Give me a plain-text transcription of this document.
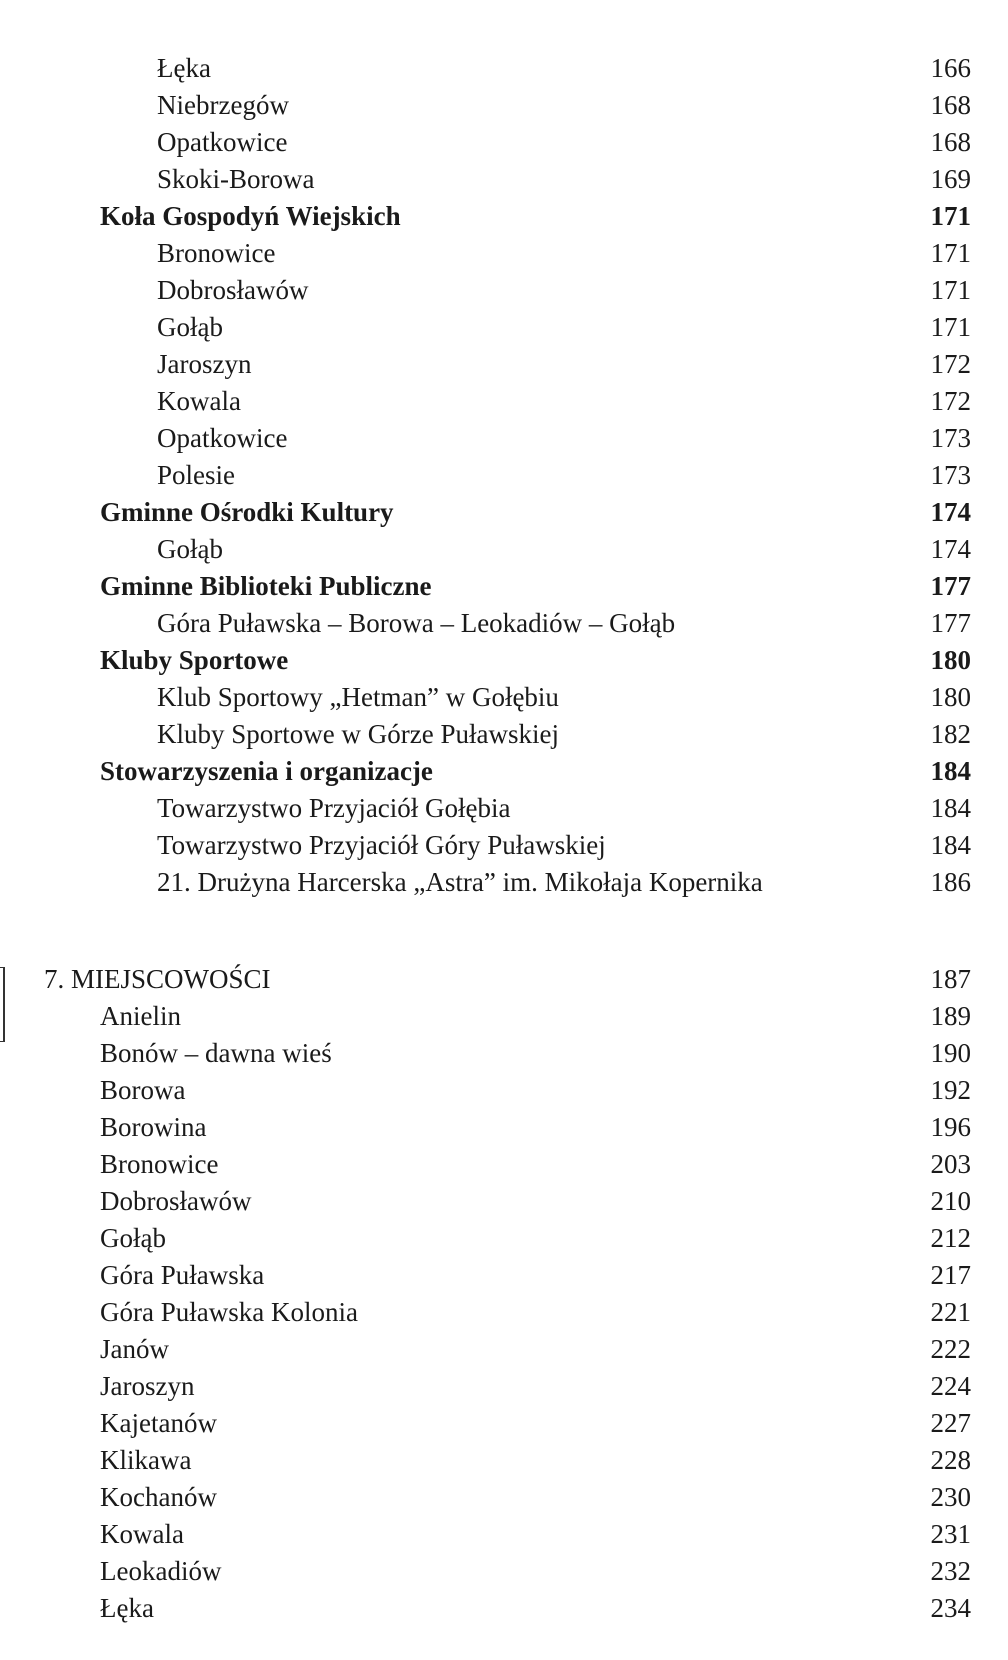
Łęka	166
Niebrzegów	168
Opatkowice	168
Skoki-Borowa	169
Koła Gospodyń Wiejskich	171
Bronowice	171
Dobrosławów	171
Gołąb	171
Jaroszyn	172
Kowala	172
Opatkowice	173
Polesie	173
Gminne Ośrodki Kultury	174
Gołąb	174
Gminne Biblioteki Publiczne	177
Góra Puławska – Borowa – Leokadiów – Gołąb	177
Kluby Sportowe	180
Klub Sportowy „Hetman” w Gołębiu	180
Kluby Sportowe w Górze Puławskiej	182
Stowarzyszenia i organizacje	184
Towarzystwo Przyjaciół Gołębia	184
Towarzystwo Przyjaciół Góry Puławskiej	184
21. Drużyna Harcerska „Astra” im. Mikołaja Kopernika	186
7. MIEJSCOWOŚCI	187
Anielin	189
Bonów – dawna wieś	190
Borowa	192
Borowina	196
Bronowice	203
Dobrosławów	210
Gołąb	212
Góra Puławska	217
Góra Puławska Kolonia	221
Janów	222
Jaroszyn	224
Kajetanów	227
Klikawa	228
Kochanów	230
Kowala	231
Leokadiów	232
Łęka	234
